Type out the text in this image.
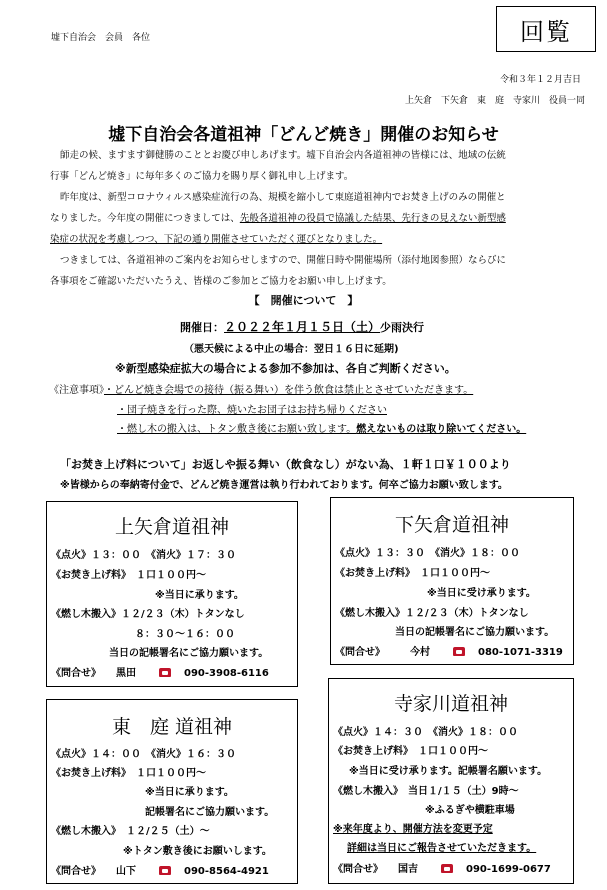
墟下自治会　会員　各位	回覧
令和３年１２月吉日
上矢倉　下矢倉　東　庭　寺家川　役員一同
墟下自治会各道祖神「どんど焼き」開催のお知らせ

師走の候、ますます御健勝のこととお慶び申しあげます。墟下自治会内各道祖神の皆様には、地域の伝統

行事「どんど焼き」に毎年多くのご協力を賜り厚く御礼申し上げます。

昨年度は、新型コロナウィルス感染症流行の為、規模を縮小して東庭道祖神内でお焚き上げのみの開催と

なりました。今年度の開催につきましては、先般各道祖神の役員で協議した結果、先行きの見えない新型感

染症の状況を考慮しつつ、下記の通り開催させていただく運びとなりました。

つきましては、各道祖神のご案内をお知らせしますので、開催日時や開催場所（添付地図参照）ならびに

各事項をご確認いただいたうえ、皆様のご参加とご協力をお願い申し上げます。

【　開催について　】
開催日：２０２２年１月１５日（土）少雨決行
（悪天候による中止の場合：翌日１６日に延期)
※新型感染症拡大の場合による参加不参加は、各自ご判断ください。
《注意事項》・どんど焼き会場での接待（振る舞い）を伴う飲食は禁止とさせていただきます。
・団子焼きを行った際、焼いたお団子はお持ち帰りください
・燃し木の搬入は、トタン敷き後にお願い致します。燃えないものは取り除いてください。
「お焚き上げ料について」お返しや振る舞い（飲食なし）がない為、１軒１口￥１００より
※皆様からの奉納寄付金で、どんど焼き運営は執り行われております。何卒ご協力お願い致します。
上矢倉道祖神
《点火》１３：００　 《消火》１７：３０
《お焚き上げ料》　 １口１００円～
※当日に承ります。
《燃し木搬入》１２/２３（木）トタンなし
８：３０～１６：００
当日の記帳署名にご協力願います。
《問合せ》　　 黒田　　　	090-3908-6116
下矢倉道祖神
《点火》１３：３０　 《消火》１８：００
《お焚き上げ料》　 １口１００円～
※当日に受け承ります。
《燃し木搬入》１２/２３（木）トタンなし
当日の記帳署名にご協力願います。
《問合せ》　　　	今村　　　	080-1071-3319
東　庭 道祖神
《点火》１４：００　 《消火》１６：３０
《お焚き上げ料》　 １口１００円～
※当日に承ります。
記帳署名にご協力願います。
《燃し木搬入》　 １２/２５（土）～
※トタン敷き後にお願いします。
《問合せ》　　 山下　　　	090-8564-4921
寺家川道祖神
《点火》１４：３０　 《消火》１８：００
《お焚き上げ料》　 １口１００円～
※当日に受け承ります。記帳署名願います。
《燃し木搬入》　 当日１/１５（土）9時～
※ふるぎや横駐車場
※来年度より、開催方法を変更予定
詳細は当日にご報告させていただきます。
《問合せ》　　 国吉　　　	090-1699-0677
